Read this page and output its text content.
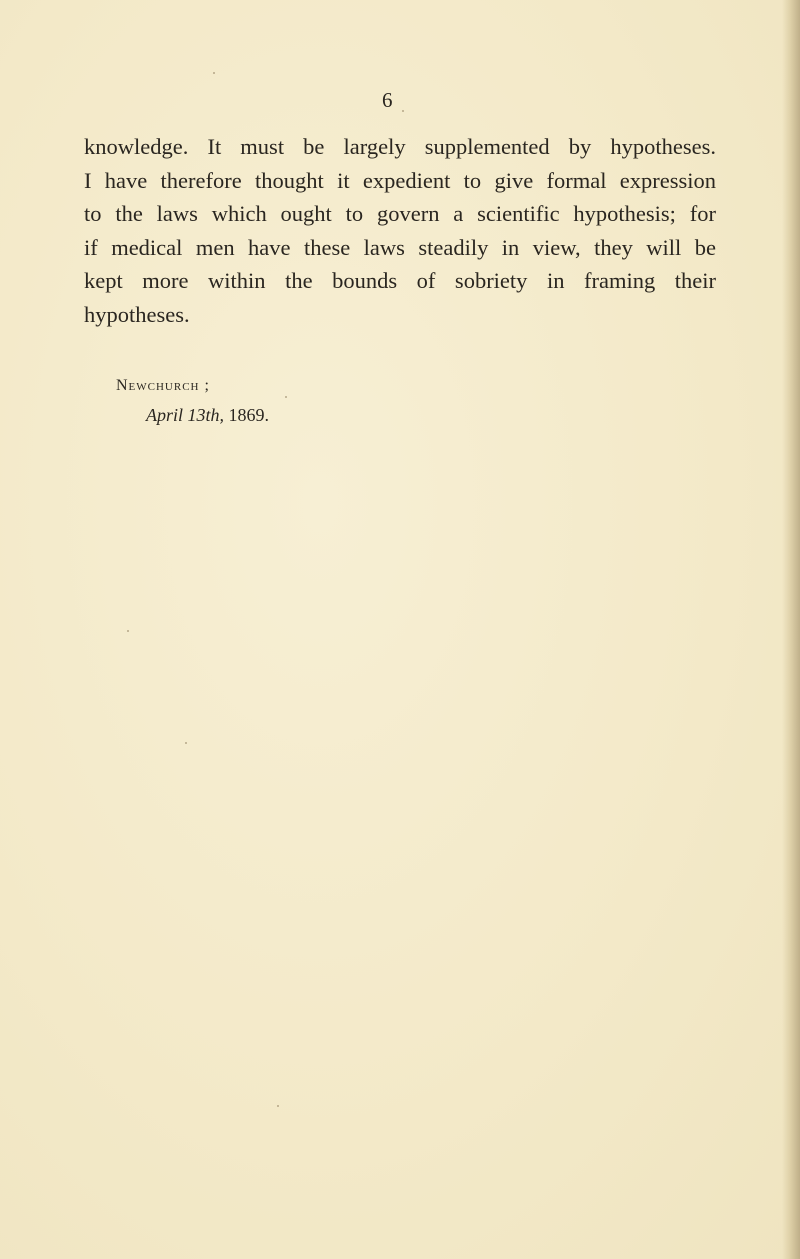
6

knowledge. It must be largely supplemented by hypotheses.
I have therefore thought it expedient to give formal expression
to the laws which ought to govern a scientific hypothesis; for
if medical men have these laws steadily in view, they will be
kept more within the bounds of sobriety in framing their
hypotheses.

Newchurch ;
April 13th, 1869.
